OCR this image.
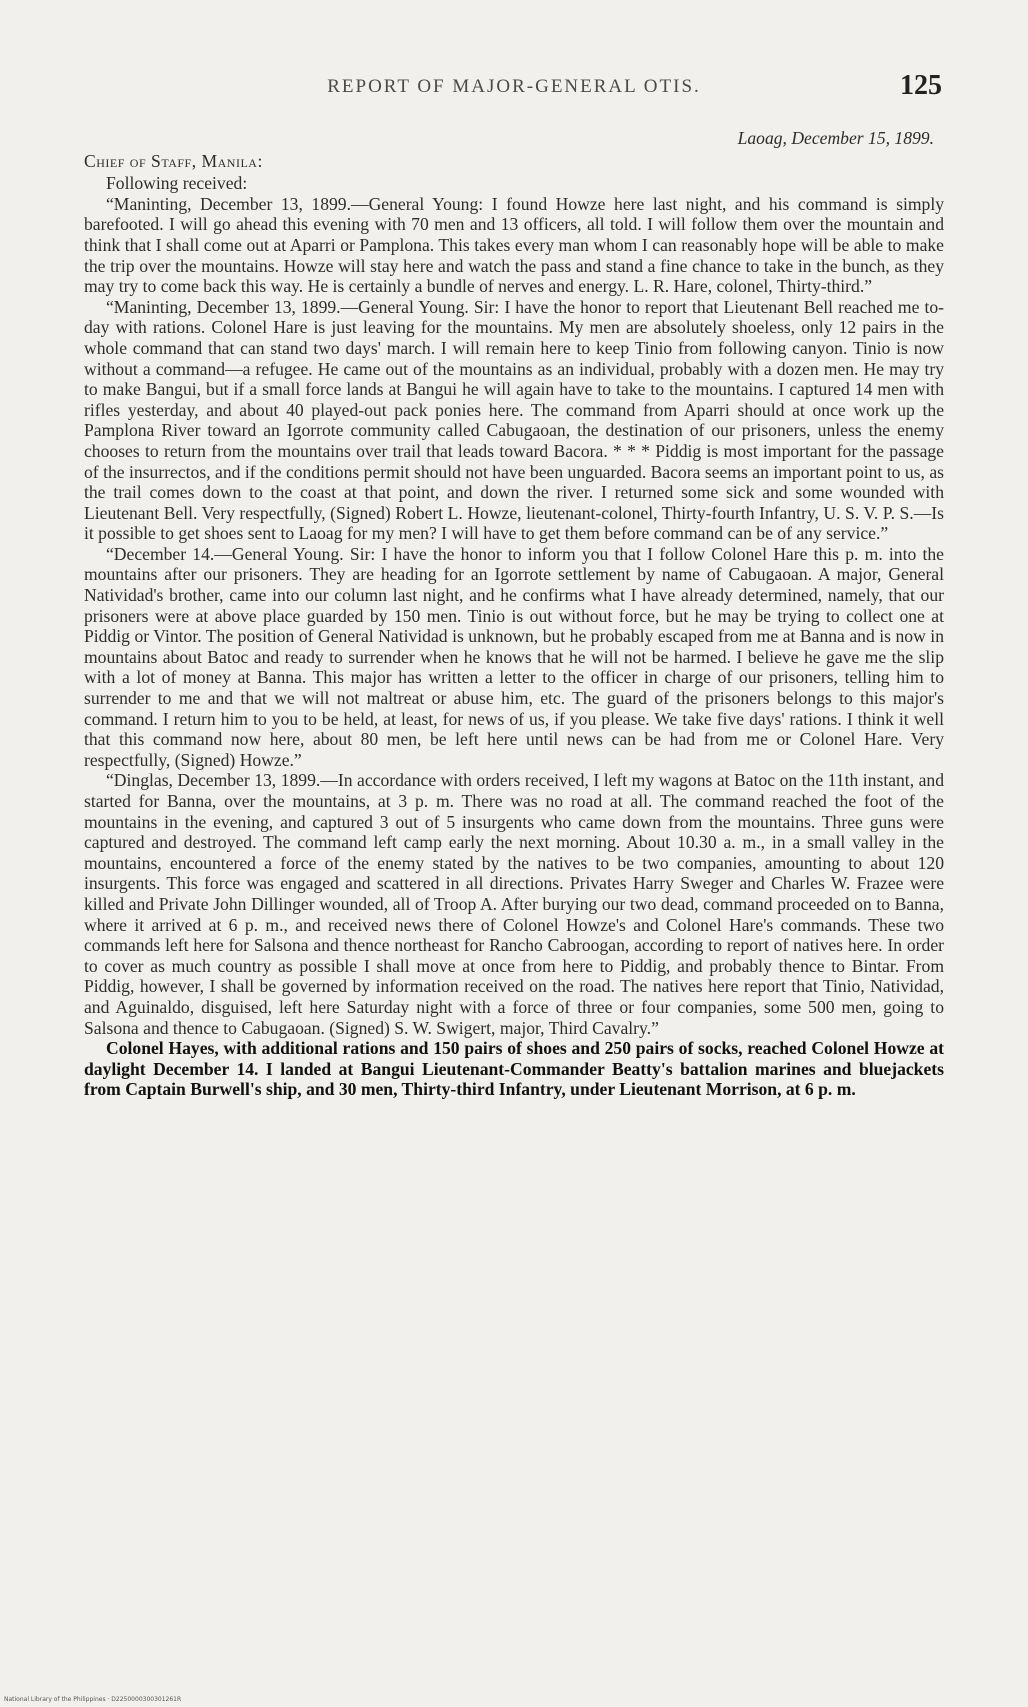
REPORT OF MAJOR-GENERAL OTIS.	125

Laoag, December 15, 1899.

Chief of Staff, Manila:

Following received:

“Maninting, December 13, 1899.—General Young: I found Howze here last night, and his command is simply barefooted. I will go ahead this evening with 70 men and 13 officers, all told. I will follow them over the mountain and think that I shall come out at Aparri or Pamplona. This takes every man whom I can reasonably hope will be able to make the trip over the mountains. Howze will stay here and watch the pass and stand a fine chance to take in the bunch, as they may try to come back this way. He is certainly a bundle of nerves and energy. L. R. Hare, colonel, Thirty-third.”

“Maninting, December 13, 1899.—General Young. Sir: I have the honor to report that Lieutenant Bell reached me to-day with rations. Colonel Hare is just leaving for the mountains. My men are absolutely shoeless, only 12 pairs in the whole command that can stand two days' march. I will remain here to keep Tinio from following canyon. Tinio is now without a command—a refugee. He came out of the mountains as an individual, probably with a dozen men. He may try to make Bangui, but if a small force lands at Bangui he will again have to take to the mountains. I captured 14 men with rifles yesterday, and about 40 played-out pack ponies here. The command from Aparri should at once work up the Pamplona River toward an Igorrote community called Cabugaoan, the destination of our prisoners, unless the enemy chooses to return from the mountains over trail that leads toward Bacora. * * * Piddig is most important for the passage of the insurrectos, and if the conditions permit should not have been unguarded. Bacora seems an important point to us, as the trail comes down to the coast at that point, and down the river. I returned some sick and some wounded with Lieutenant Bell. Very respectfully, (Signed) Robert L. Howze, lieutenant-colonel, Thirty-fourth Infantry, U. S. V. P. S.—Is it possible to get shoes sent to Laoag for my men? I will have to get them before command can be of any service.”

“December 14.—General Young. Sir: I have the honor to inform you that I follow Colonel Hare this p. m. into the mountains after our prisoners. They are heading for an Igorrote settlement by name of Cabugaoan. A major, General Natividad's brother, came into our column last night, and he confirms what I have already determined, namely, that our prisoners were at above place guarded by 150 men. Tinio is out without force, but he may be trying to collect one at Piddig or Vintor. The position of General Natividad is unknown, but he probably escaped from me at Banna and is now in mountains about Batoc and ready to surrender when he knows that he will not be harmed. I believe he gave me the slip with a lot of money at Banna. This major has written a letter to the officer in charge of our prisoners, telling him to surrender to me and that we will not maltreat or abuse him, etc. The guard of the prisoners belongs to this major's command. I return him to you to be held, at least, for news of us, if you please. We take five days' rations. I think it well that this command now here, about 80 men, be left here until news can be had from me or Colonel Hare. Very respectfully, (Signed) Howze.”

“Dinglas, December 13, 1899.—In accordance with orders received, I left my wagons at Batoc on the 11th instant, and started for Banna, over the mountains, at 3 p. m. There was no road at all. The command reached the foot of the mountains in the evening, and captured 3 out of 5 insurgents who came down from the mountains. Three guns were captured and destroyed. The command left camp early the next morning. About 10.30 a. m., in a small valley in the mountains, encountered a force of the enemy stated by the natives to be two companies, amounting to about 120 insurgents. This force was engaged and scattered in all directions. Privates Harry Sweger and Charles W. Frazee were killed and Private John Dillinger wounded, all of Troop A. After burying our two dead, command proceeded on to Banna, where it arrived at 6 p. m., and received news there of Colonel Howze's and Colonel Hare's commands. These two commands left here for Salsona and thence northeast for Rancho Cabroogan, according to report of natives here. In order to cover as much country as possible I shall move at once from here to Piddig, and probably thence to Bintar. From Piddig, however, I shall be governed by information received on the road. The natives here report that Tinio, Natividad, and Aguinaldo, disguised, left here Saturday night with a force of three or four companies, some 500 men, going to Salsona and thence to Cabugaoan. (Signed) S. W. Swigert, major, Third Cavalry.”

Colonel Hayes, with additional rations and 150 pairs of shoes and 250 pairs of socks, reached Colonel Howze at daylight December 14. I landed at Bangui Lieutenant-Commander Beatty's battalion marines and bluejackets from Captain Burwell's ship, and 30 men, Thirty-third Infantry, under Lieutenant Morrison, at 6 p. m.

National Library of the Philippines · D2250000300301261R
